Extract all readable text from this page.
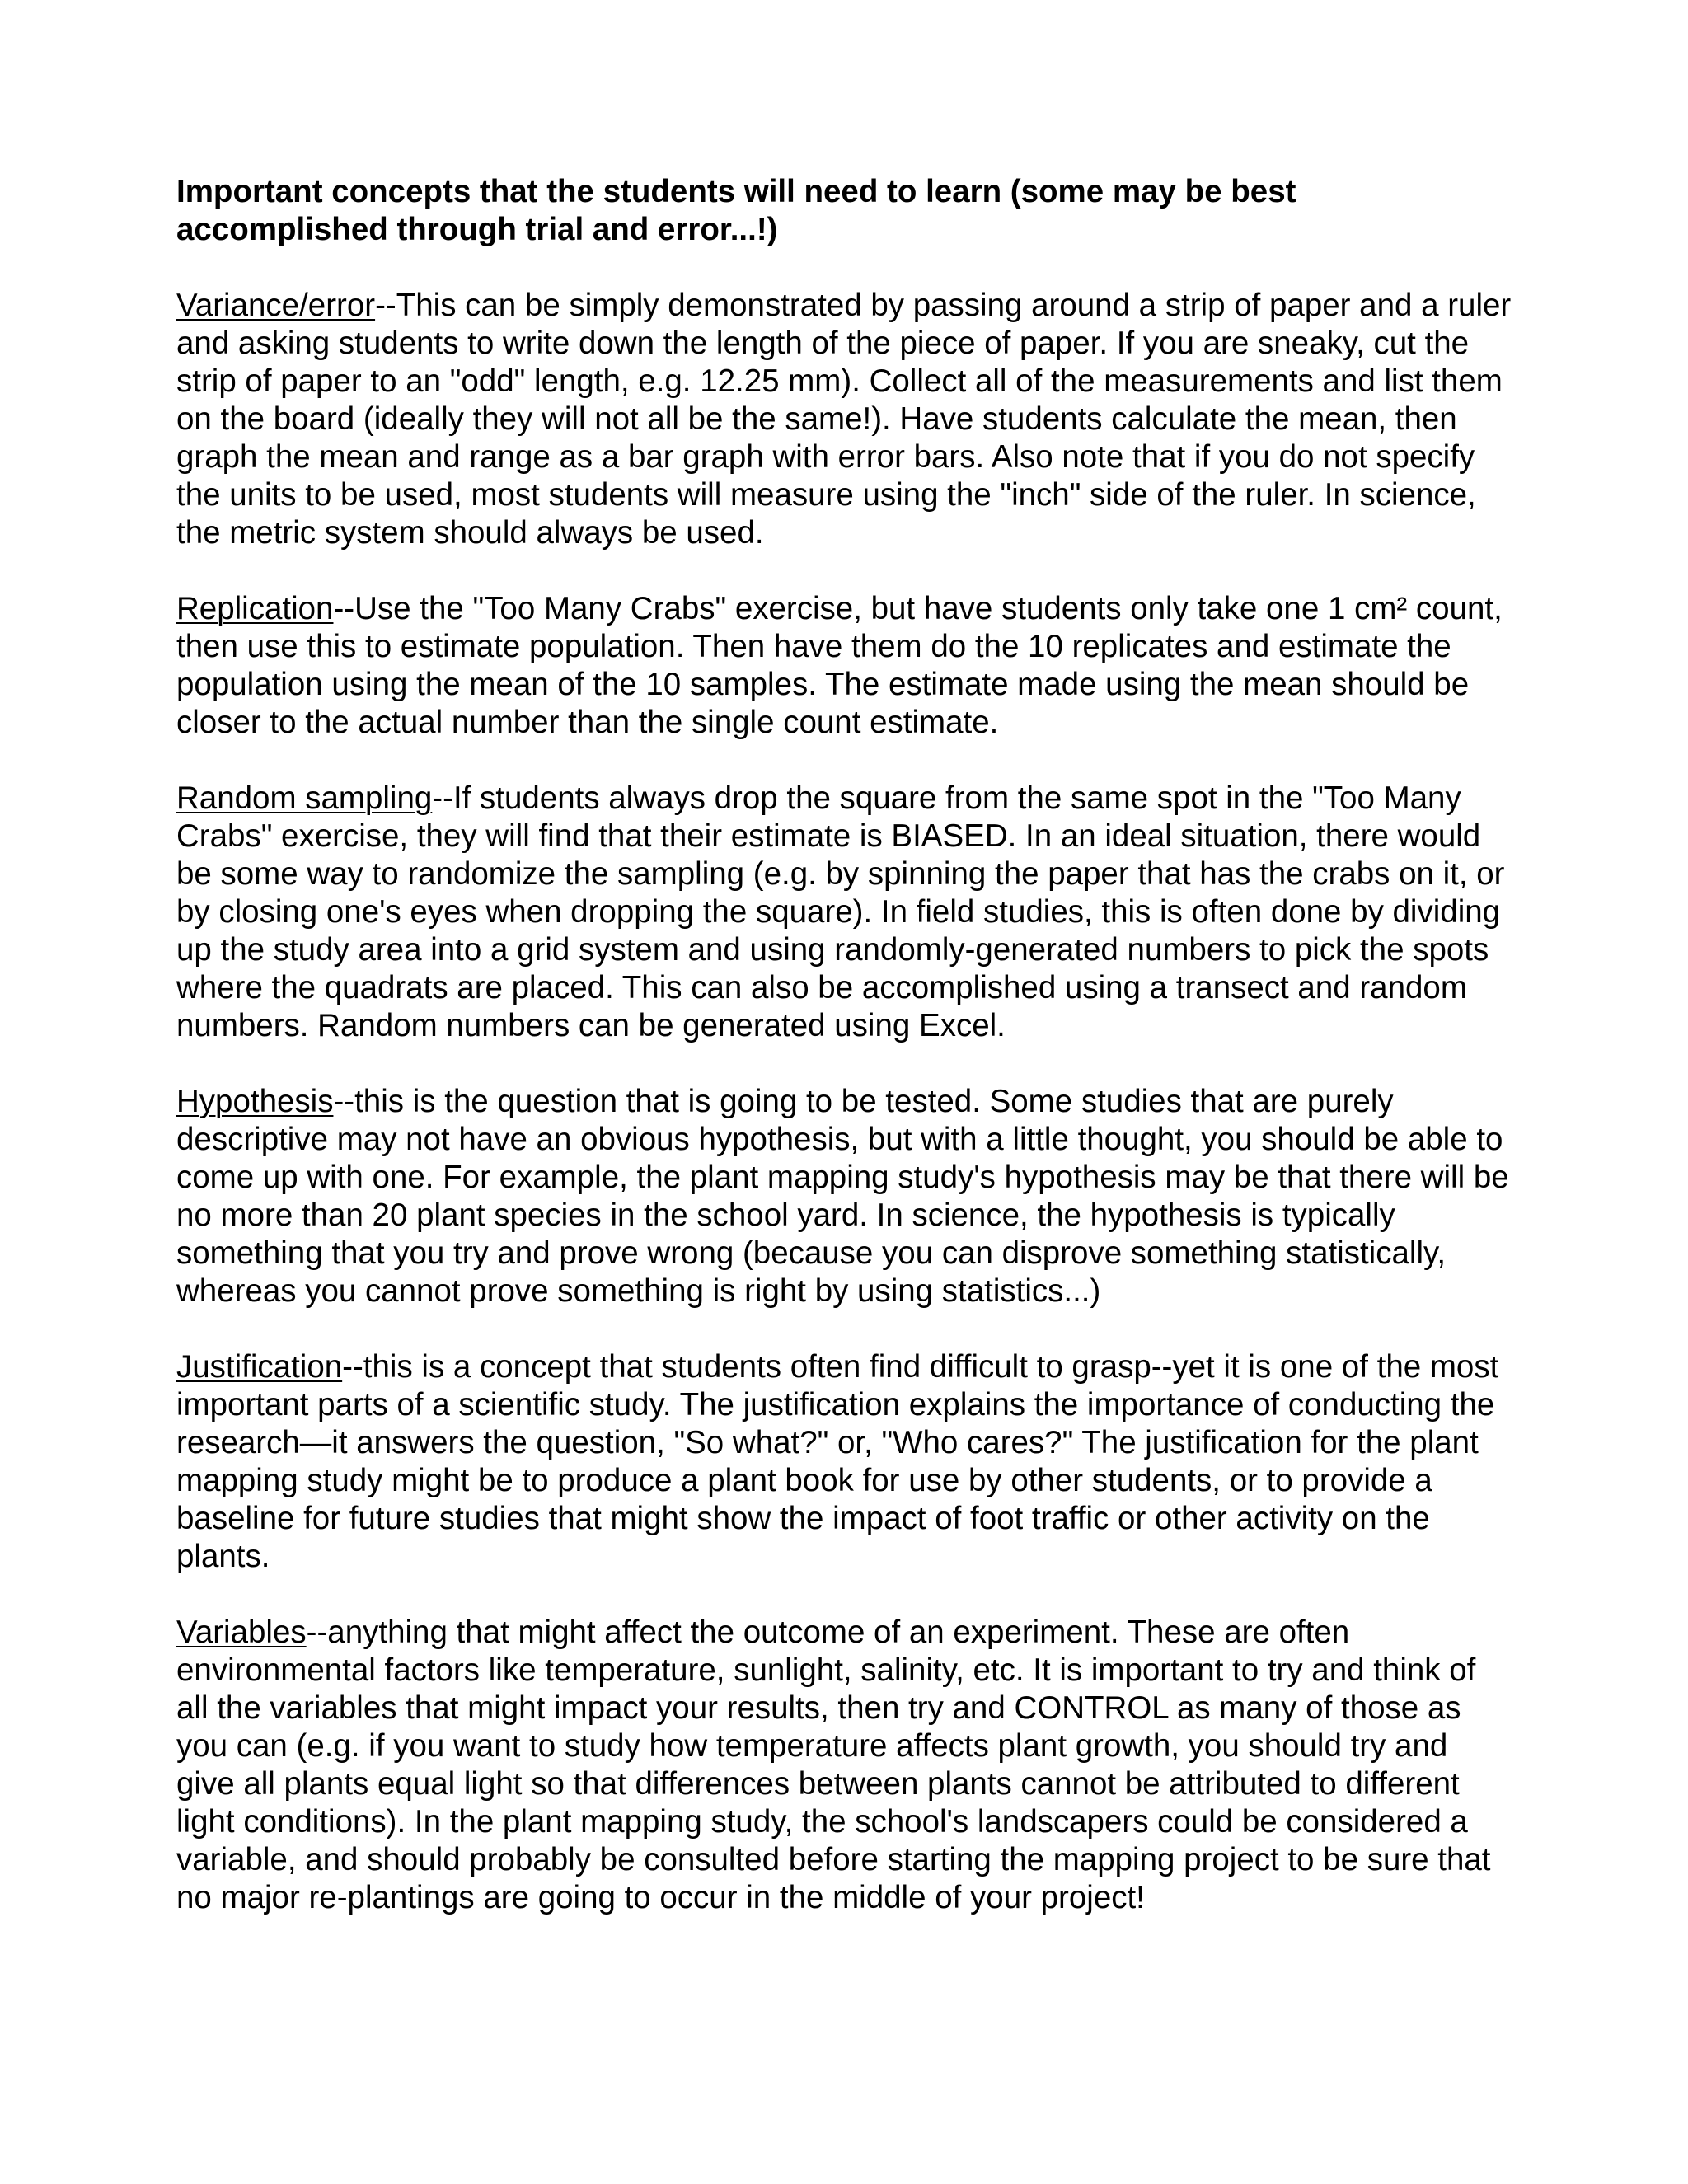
Important concepts that the students will need to learn (some may be best accomplished through trial and error...!)

Variance/error--This can be simply demonstrated by passing around a strip of paper and a ruler and asking students to write down the length of the piece of paper. If you are sneaky, cut the strip of paper to an "odd" length, e.g. 12.25 mm). Collect all of the measurements and list them on the board (ideally they will not all be the same!). Have students calculate the mean, then graph the mean and range as a bar graph with error bars. Also note that if you do not specify the units to be used, most students will measure using the "inch" side of the ruler. In science, the metric system should always be used.

Replication--Use the "Too Many Crabs" exercise, but have students only take one 1 cm² count, then use this to estimate population. Then have them do the 10 replicates and estimate the population using the mean of the 10 samples. The estimate made using the mean should be closer to the actual number than the single count estimate.

Random sampling--If students always drop the square from the same spot in the "Too Many Crabs" exercise, they will find that their estimate is BIASED. In an ideal situation, there would be some way to randomize the sampling (e.g. by spinning the paper that has the crabs on it, or by closing one's eyes when dropping the square). In field studies, this is often done by dividing up the study area into a grid system and using randomly-generated numbers to pick the spots where the quadrats are placed. This can also be accomplished using a transect and random numbers. Random numbers can be generated using Excel.

Hypothesis--this is the question that is going to be tested. Some studies that are purely descriptive may not have an obvious hypothesis, but with a little thought, you should be able to come up with one. For example, the plant mapping study's hypothesis may be that there will be no more than 20 plant species in the school yard. In science, the hypothesis is typically something that you try and prove wrong (because you can disprove something statistically, whereas you cannot prove something is right by using statistics...)

Justification--this is a concept that students often find difficult to grasp--yet it is one of the most important parts of a scientific study. The justification explains the importance of conducting the research—it answers the question, "So what?" or, "Who cares?" The justification for the plant mapping study might be to produce a plant book for use by other students, or to provide a baseline for future studies that might show the impact of foot traffic or other activity on the plants.

Variables--anything that might affect the outcome of an experiment. These are often environmental factors like temperature, sunlight, salinity, etc. It is important to try and think of all the variables that might impact your results, then try and CONTROL as many of those as you can (e.g. if you want to study how temperature affects plant growth, you should try and give all plants equal light so that differences between plants cannot be attributed to different light conditions). In the plant mapping study, the school's landscapers could be considered a variable, and should probably be consulted before starting the mapping project to be sure that no major re-plantings are going to occur in the middle of your project!
